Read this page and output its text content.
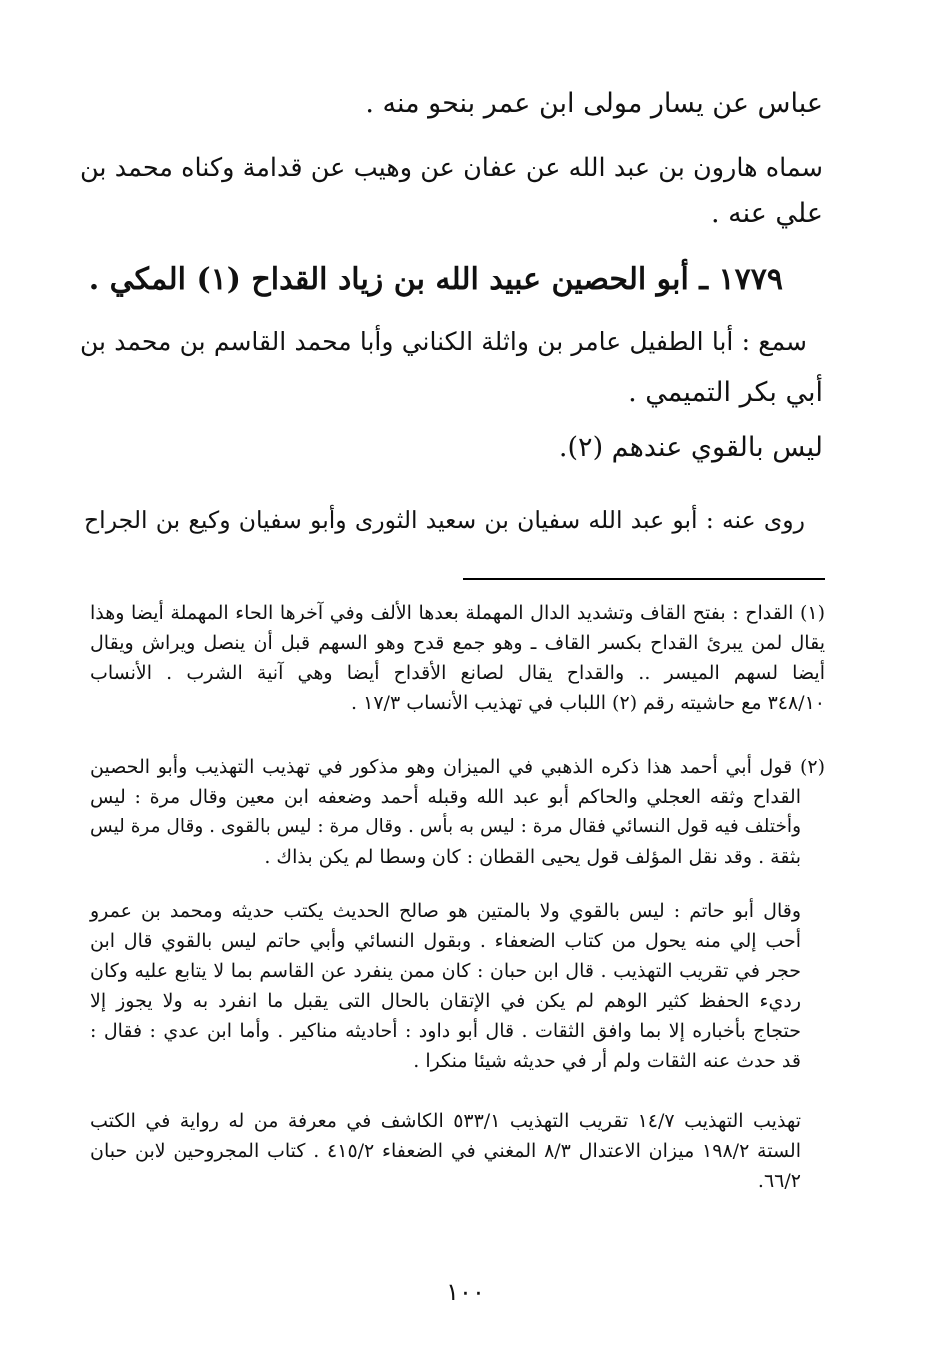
عباس عن يسار مولى ابن عمر بنحو منه .
سماه هارون بن عبد الله عن عفان عن وهيب عن قدامة وكناه محمد بن
علي عنه .
١٧٧٩ ـ أبو الحصين عبيد الله بن زياد القداح (١) المكي .
سمع : أبا الطفيل عامر بن واثلة الكناني وأبا محمد القاسم بن محمد بن
أبي بكر التميمي .
ليس بالقوي عندهم (٢).
روى عنه : أبو عبد الله سفيان بن سعيد الثورى وأبو سفيان وكيع بن الجراح
(١) القداح : بفتح القاف وتشديد الدال المهملة بعدها الألف وفي آخرها الحاء المهملة أيضا وهذا
يقال لمن يبرئ القداح بكسر القاف ـ وهو جمع قدح وهو السهم قبل أن ينصل ويراش ويقال
أيضا لسهم الميسر .. والقداح يقال لصانع الأقداح أيضا وهي آنية الشرب . الأنساب
٣٤٨/١٠ مع حاشيته رقم (٢) اللباب في تهذيب الأنساب ١٧/٣ .
(٢) قول أبي أحمد هذا ذكره الذهبي في الميزان وهو مذكور في تهذيب التهذيب وأبو الحصين
القداح وثقه العجلي والحاكم أبو عبد الله وقبله أحمد وضعفه ابن معين وقال مرة : ليس
وأختلف فيه قول النسائي فقال مرة : ليس به بأس . وقال مرة : ليس بالقوى . وقال مرة ليس
بثقة . وقد نقل المؤلف قول يحيى القطان : كان وسطا لم يكن بذاك .
وقال أبو حاتم : ليس بالقوي ولا بالمتين هو صالح الحديث يكتب حديثه ومحمد بن عمرو
أحب إلي منه يحول من كتاب الضعفاء . وبقول النسائي وأبي حاتم ليس بالقوي قال ابن
حجر في تقريب التهذيب . قال ابن حبان : كان ممن ينفرد عن القاسم بما لا يتابع عليه وكان
رديء الحفظ كثير الوهم لم يكن في الإتقان بالحال التى يقبل ما انفرد به ولا يجوز إلا
حتجاج بأخباره إلا بما وافق الثقات . قال أبو داود : أحاديثه مناكير . وأما ابن عدي : فقال :
قد حدث عنه الثقات ولم أر في حديثه شيئا منكرا .
تهذيب التهذيب ١٤/٧ تقريب التهذيب ٥٣٣/١ الكاشف في معرفة من له رواية في الكتب
الستة ١٩٨/٢ ميزان الاعتدال ٨/٣ المغني في الضعفاء ٤١٥/٢ . كتاب المجروحين لابن حبان
٦٦/٢.
١٠٠
